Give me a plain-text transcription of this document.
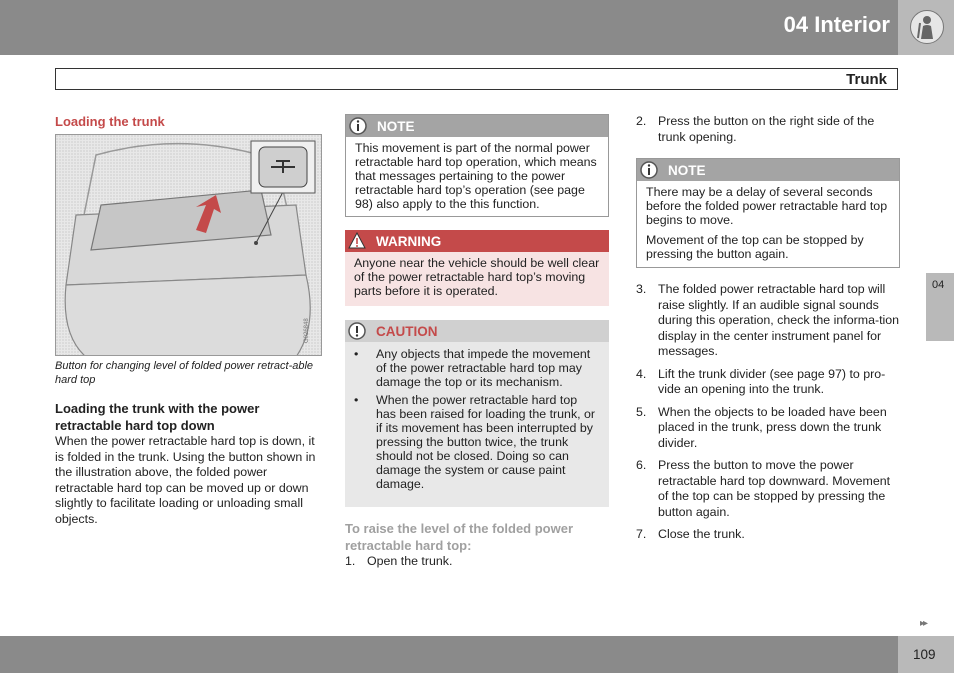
04 Interior
Trunk
Loading the trunk
G026848
Button for changing level of folded power retract-able hard top
Loading the trunk with the power retractable hard top down
When the power retractable hard top is down, it is folded in the trunk. Using the button shown in the illustration above, the folded power retractable hard top can be moved up or down slightly to facilitate loading or unloading small objects.
NOTE
This movement is part of the normal power retractable hard top operation, which means that messages pertaining to the power retractable hard top’s operation (see page 98) also apply to the this function.
WARNING
Anyone near the vehicle should be well clear of the power retractable hard top’s moving parts before it is operated.
CAUTION
• Any objects that impede the movement of the power retractable hard top may damage the top or its mechanism.
• When the power retractable hard top has been raised for loading the trunk, or if its movement has been interrupted by pressing the button twice, the trunk should not be closed. Doing so can damage the system or cause paint damage.
To raise the level of the folded power retractable hard top:
1. Open the trunk.
2. Press the button on the right side of the trunk opening.
NOTE

There may be a delay of several seconds before the folded power retractable hard top begins to move.

Movement of the top can be stopped by pressing the button again.

3. The folded power retractable hard top will raise slightly. If an audible signal sounds during this operation, check the informa-tion display in the center instrument panel for messages.
4. Lift the trunk divider (see page 97) to pro-vide an opening into the trunk.
5. When the objects to be loaded have been placed in the trunk, press down the trunk divider.
6. Press the button to move the power retractable hard top downward. Movement of the top can be stopped by pressing the button again.
7. Close the trunk.
04
▸▸
109
